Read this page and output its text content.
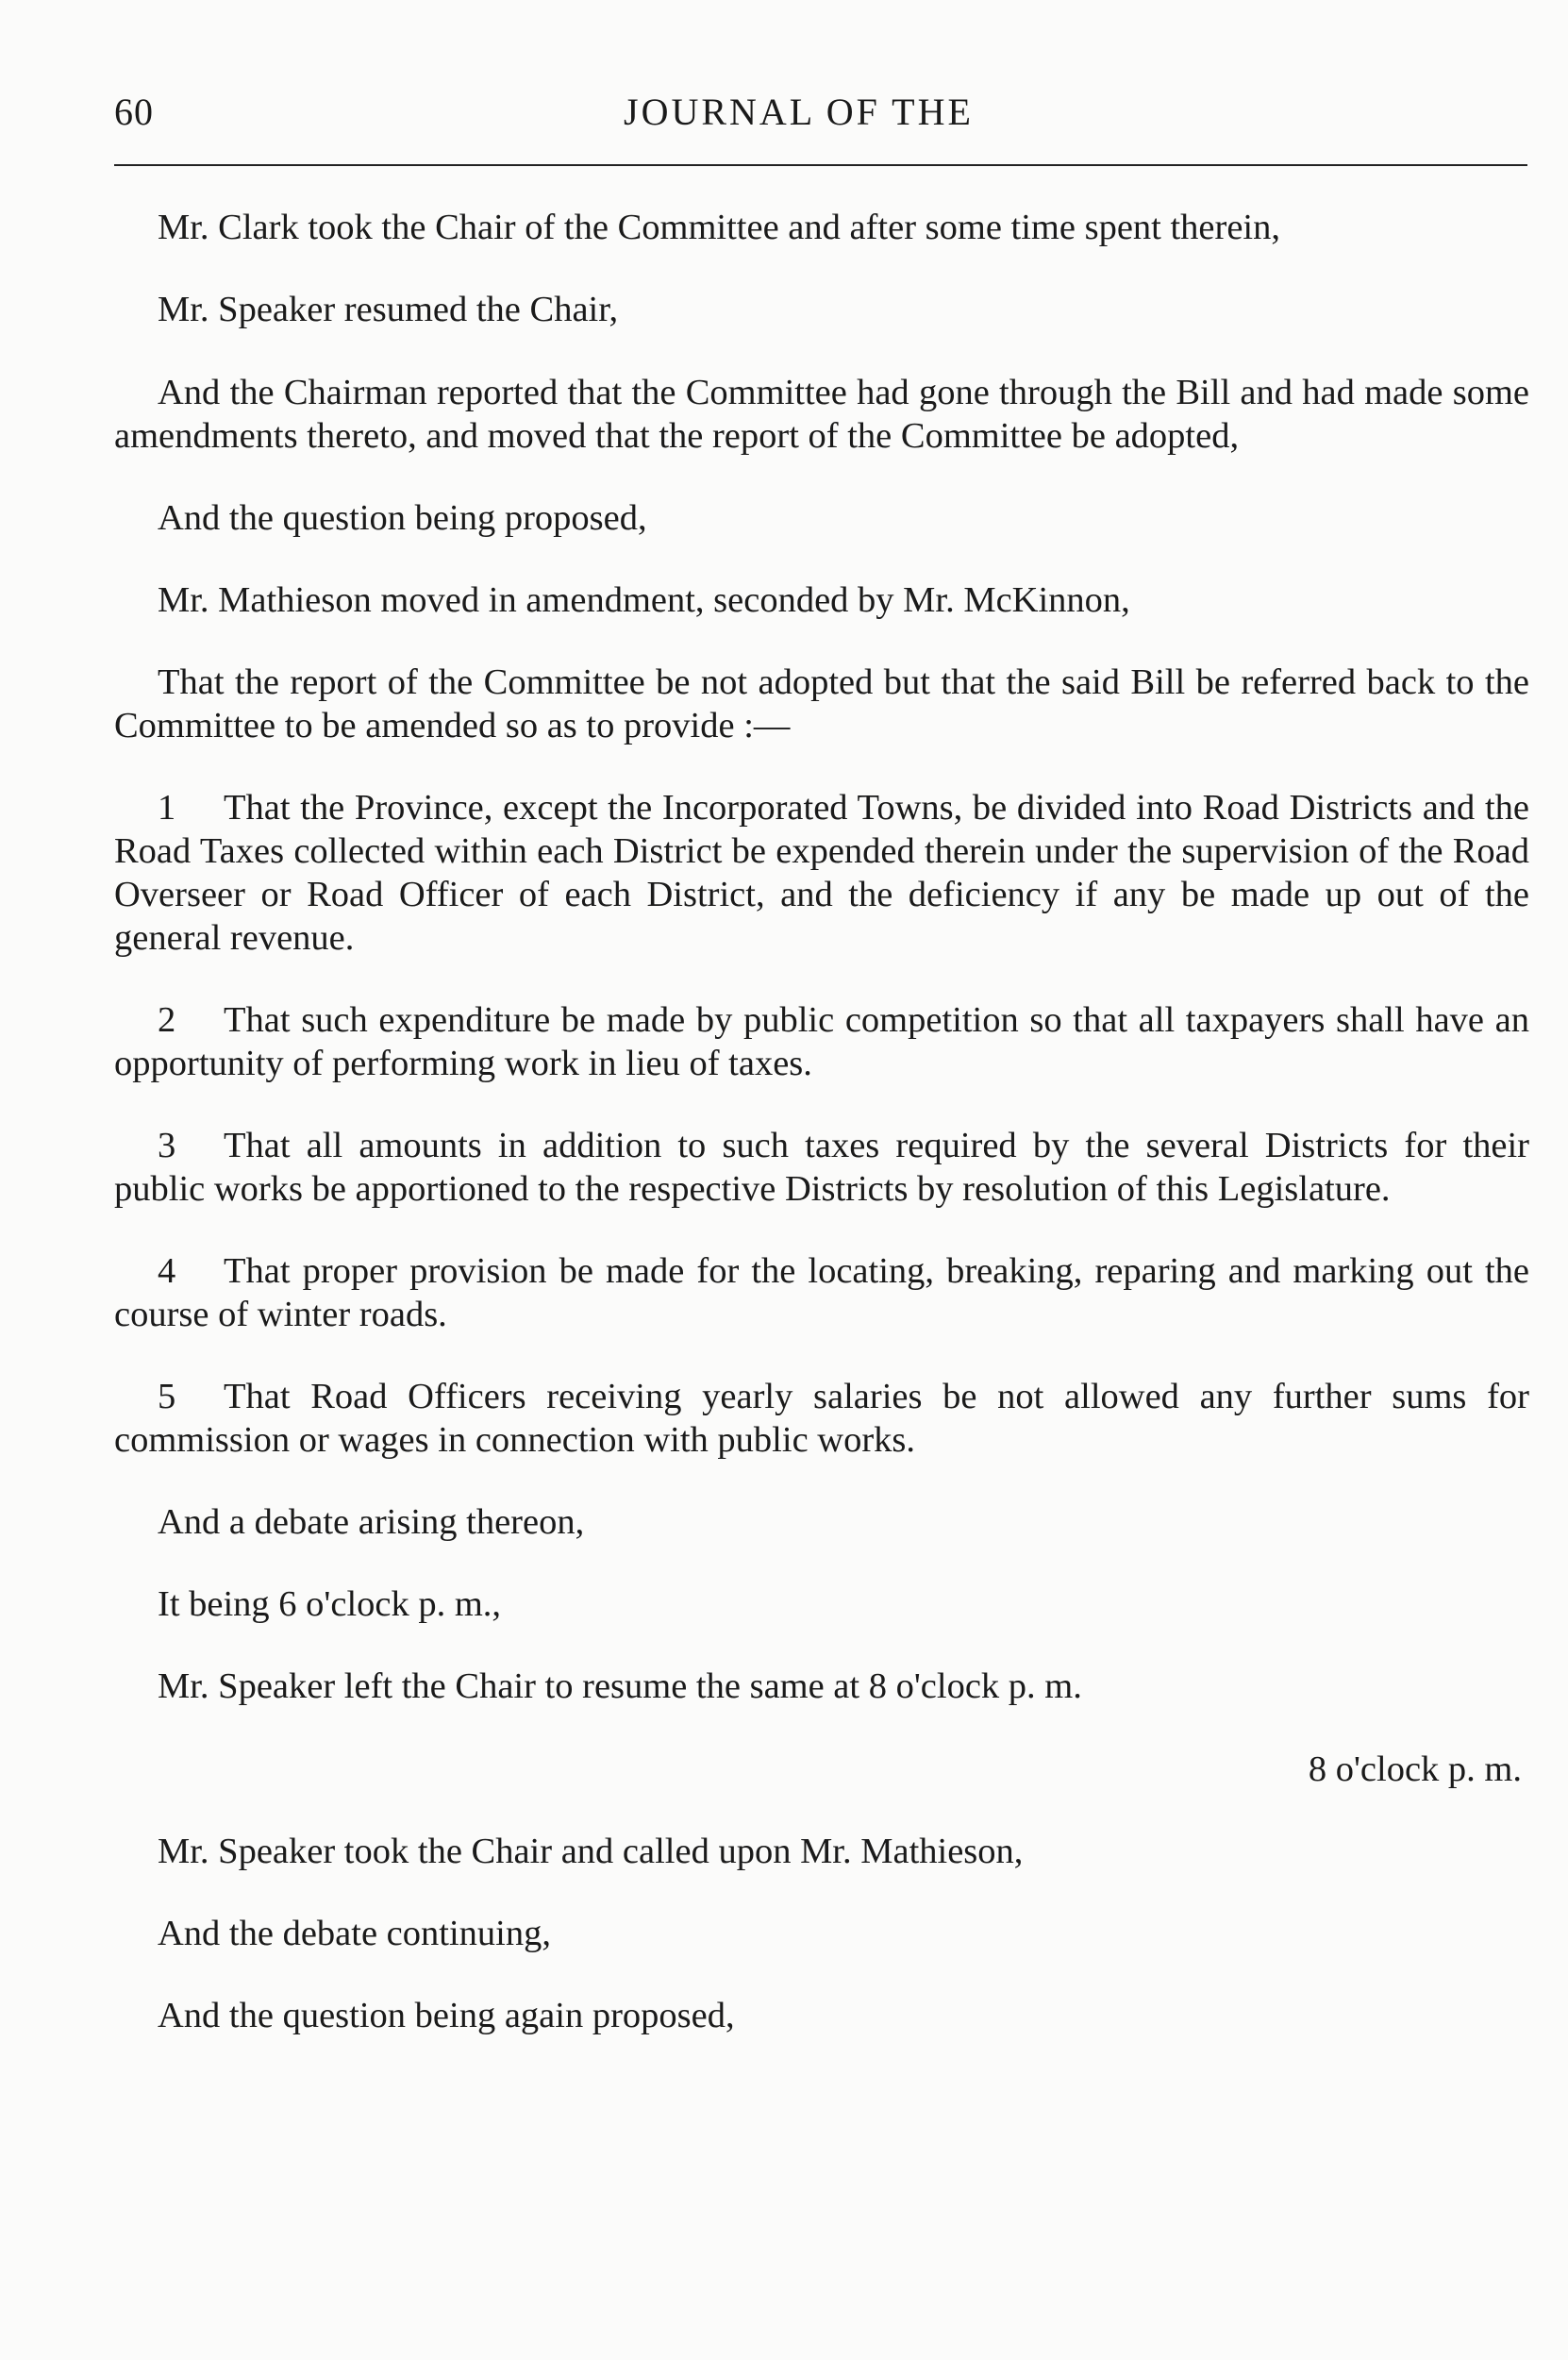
60	JOURNAL OF THE

Mr. Clark took the Chair of the Committee and after some time spent therein,

Mr. Speaker resumed the Chair,

And the Chairman reported that the Committee had gone through the Bill and had made some amendments thereto, and moved that the report of the Committee be adopted,

And the question being proposed,

Mr. Mathieson moved in amendment, seconded by Mr. McKinnon,

That the report of the Committee be not adopted but that the said Bill be referred back to the Committee to be amended so as to provide :—

1 That the Province, except the Incorporated Towns, be divided into Road Districts and the Road Taxes collected within each District be expended therein under the supervision of the Road Overseer or Road Officer of each District, and the deficiency if any be made up out of the general revenue.

2 That such expenditure be made by public competition so that all taxpayers shall have an opportunity of performing work in lieu of taxes.

3 That all amounts in addition to such taxes required by the several Districts for their public works be apportioned to the respective Districts by resolution of this Legislature.

4 That proper provision be made for the locating, breaking, reparing and marking out the course of winter roads.

5 That Road Officers receiving yearly salaries be not allowed any further sums for commission or wages in connection with public works.

And a debate arising thereon,

It being 6 o'clock p. m.,

Mr. Speaker left the Chair to resume the same at 8 o'clock p. m.

8 o'clock p. m.

Mr. Speaker took the Chair and called upon Mr. Mathieson,

And the debate continuing,

And the question being again proposed,
